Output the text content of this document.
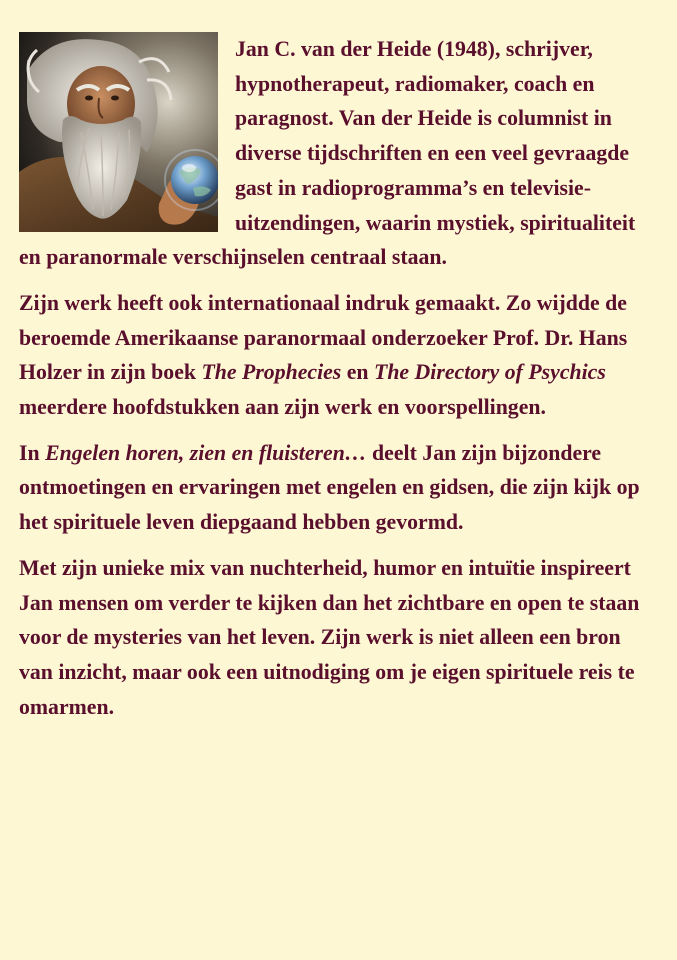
Jan C. van der Heide (1948), schrijver, hypnotherapeut, radiomaker, coach en paragnost. Van der Heide is columnist in diverse tijdschriften en een veel gevraagde gast in radioprogramma’s en televisie-uitzendingen, waarin mystiek, spiritualiteit en paranormale verschijnselen centraal staan.

Zijn werk heeft ook internationaal indruk gemaakt. Zo wijdde de beroemde Amerikaanse paranormaal onderzoeker Prof. Dr. Hans Holzer in zijn boek The Prophecies en The Directory of Psychics meerdere hoofdstukken aan zijn werk en voorspellingen.

In Engelen horen, zien en fluisteren… deelt Jan zijn bijzondere ontmoetingen en ervaringen met engelen en gidsen, die zijn kijk op het spirituele leven diepgaand hebben gevormd.

Met zijn unieke mix van nuchterheid, humor en intuïtie inspireert Jan mensen om verder te kijken dan het zichtbare en open te staan voor de mysteries van het leven. Zijn werk is niet alleen een bron van inzicht, maar ook een uitnodiging om je eigen spirituele reis te omarmen.
